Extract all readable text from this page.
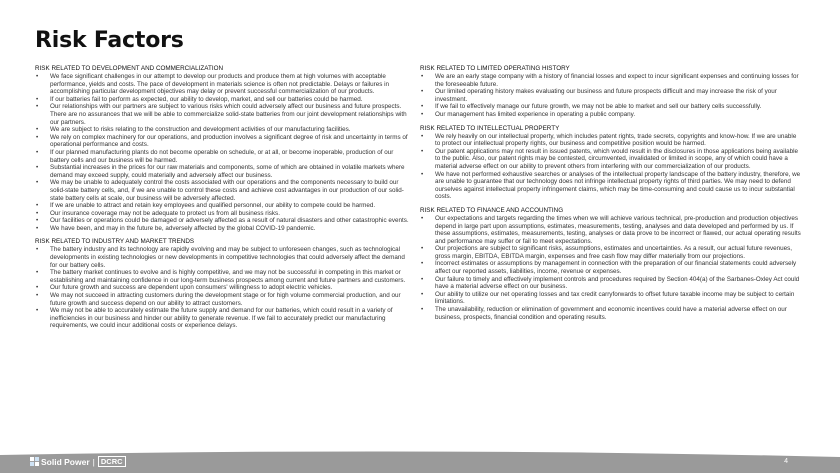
Risk Factors
RISK RELATED TO DEVELOPMENT AND COMMERCIALIZATION
• We face significant challenges in our attempt to develop our products and produce them at high volumes with acceptable performance, yields and costs. The pace of development in materials science is often not predictable. Delays or failures in accomplishing particular development objectives may delay or prevent successful commercialization of our products.
• If our batteries fail to perform as expected, our ability to develop, market, and sell our batteries could be harmed.
• Our relationships with our partners are subject to various risks which could adversely affect our business and future prospects. There are no assurances that we will be able to commercialize solid-state batteries from our joint development relationships with our partners.
• We are subject to risks relating to the construction and development activities of our manufacturing facilities.
• We rely on complex machinery for our operations, and production involves a significant degree of risk and uncertainty in terms of operational performance and costs.
• If our planned manufacturing plants do not become operable on schedule, or at all, or become inoperable, production of our battery cells and our business will be harmed.
• Substantial increases in the prices for our raw materials and components, some of which are obtained in volatile markets where demand may exceed supply, could materially and adversely affect our business.
• We may be unable to adequately control the costs associated with our operations and the components necessary to build our solid-state battery cells, and, if we are unable to control these costs and achieve cost advantages in our production of our solid-state battery cells at scale, our business will be adversely affected.
• If we are unable to attract and retain key employees and qualified personnel, our ability to compete could be harmed.
• Our insurance coverage may not be adequate to protect us from all business risks.
• Our facilities or operations could be damaged or adversely affected as a result of natural disasters and other catastrophic events.
• We have been, and may in the future be, adversely affected by the global COVID-19 pandemic.
RISK RELATED TO INDUSTRY AND MARKET TRENDS
• The battery industry and its technology are rapidly evolving and may be subject to unforeseen changes, such as technological developments in existing technologies or new developments in competitive technologies that could adversely affect the demand for our battery cells.
• The battery market continues to evolve and is highly competitive, and we may not be successful in competing in this market or establishing and maintaining confidence in our long-term business prospects among current and future partners and customers.
• Our future growth and success are dependent upon consumers' willingness to adopt electric vehicles.
• We may not succeed in attracting customers during the development stage or for high volume commercial production, and our future growth and success depend on our ability to attract customers.
• We may not be able to accurately estimate the future supply and demand for our batteries, which could result in a variety of inefficiencies in our business and hinder our ability to generate revenue. If we fail to accurately predict our manufacturing requirements, we could incur additional costs or experience delays.
RISK RELATED TO LIMITED OPERATING HISTORY
• We are an early stage company with a history of financial losses and expect to incur significant expenses and continuing losses for the foreseeable future.
• Our limited operating history makes evaluating our business and future prospects difficult and may increase the risk of your investment.
• If we fail to effectively manage our future growth, we may not be able to market and sell our battery cells successfully.
• Our management has limited experience in operating a public company.
RISK RELATED TO INTELLECTUAL PROPERTY
• We rely heavily on our intellectual property, which includes patent rights, trade secrets, copyrights and know-how. If we are unable to protect our intellectual property rights, our business and competitive position would be harmed.
• Our patent applications may not result in issued patents, which would result in the disclosures in those applications being available to the public. Also, our patent rights may be contested, circumvented, invalidated or limited in scope, any of which could have a material adverse effect on our ability to prevent others from interfering with our commercialization of our products.
• We have not performed exhaustive searches or analyses of the intellectual property landscape of the battery industry, therefore, we are unable to guarantee that our technology does not infringe intellectual property rights of third parties. We may need to defend ourselves against intellectual property infringement claims, which may be time-consuming and could cause us to incur substantial costs.
RISK RELATED TO FINANCE AND ACCOUNTING
• Our expectations and targets regarding the times when we will achieve various technical, pre-production and production objectives depend in large part upon assumptions, estimates, measurements, testing, analyses and data developed and performed by us. If these assumptions, estimates, measurements, testing, analyses or data prove to be incorrect or flawed, our actual operating results and performance may suffer or fail to meet expectations.
• Our projections are subject to significant risks, assumptions, estimates and uncertainties. As a result, our actual future revenues, gross margin, EBITDA, EBITDA margin, expenses and free cash flow may differ materially from our projections.
• Incorrect estimates or assumptions by management in connection with the preparation of our financial statements could adversely affect our reported assets, liabilities, income, revenue or expenses.
• Our failure to timely and effectively implement controls and procedures required by Section 404(a) of the Sarbanes-Oxley Act could have a material adverse effect on our business.
• Our ability to utilize our net operating losses and tax credit carryforwards to offset future taxable income may be subject to certain limitations.
• The unavailability, reduction or elimination of government and economic incentives could have a material adverse effect on our business, prospects, financial condition and operating results.
Solid Power | DCRC	4
